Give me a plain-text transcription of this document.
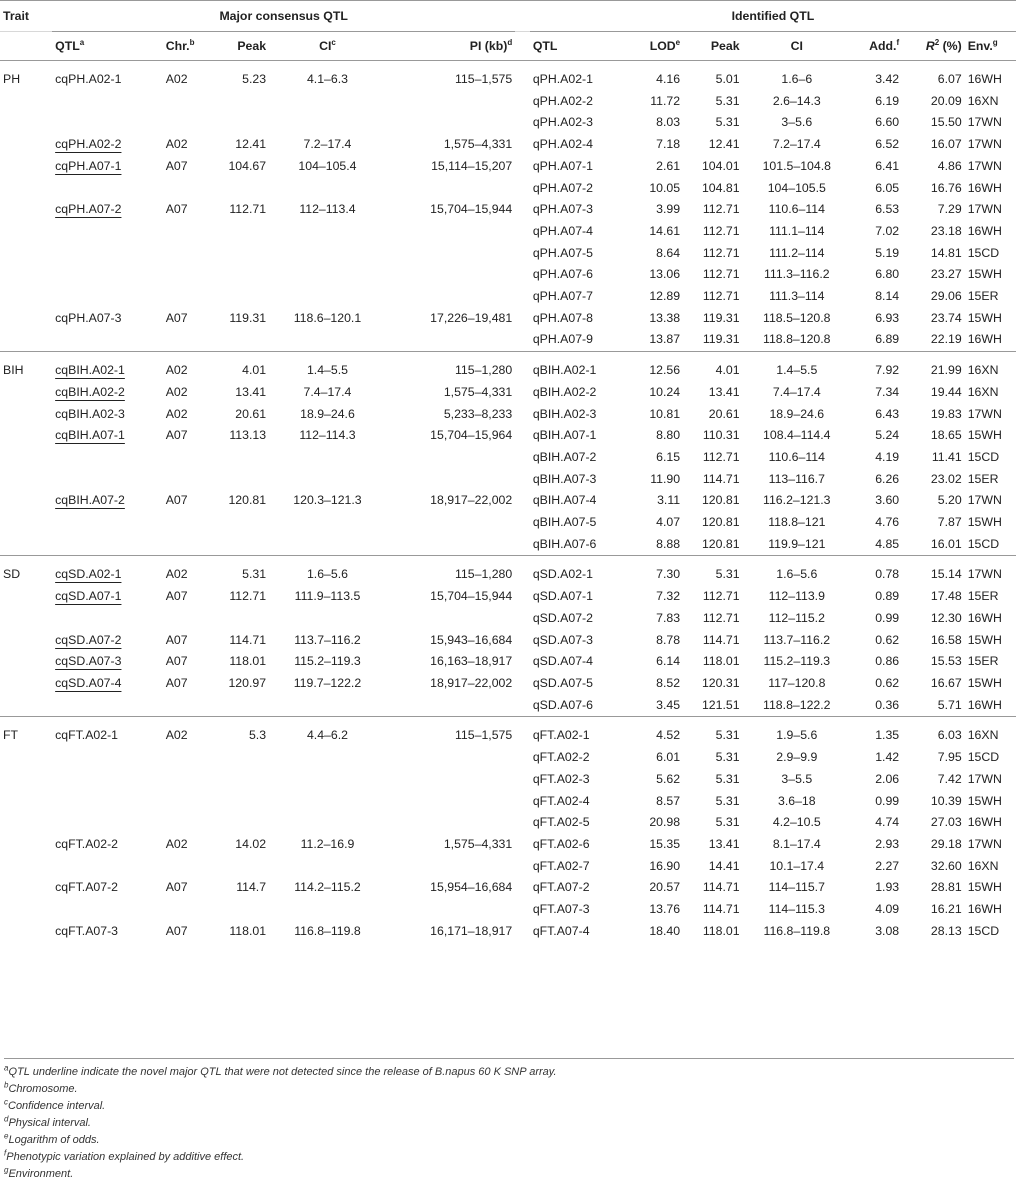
Trait	Major consensus QTL						Identified QTL						
	QTL$^a$	Chr.$^b$	Peak	$CI^c$	PI (kb)$^d$		QTL	LOD$^e$	Peak	CI	Add.$^f$	$R^2$ (%)	Env.$^g$
PH	cqPH.A02-1	A02	5.23	4.1–6.3	115–1,575		qPH.A02-1	4.16	5.01	1.6–6	3.42	6.07	16WH
							qPH.A02-2	11.72	5.31	2.6–14.3	6.19	20.09	16XN
							qPH.A02-3	8.03	5.31	3–5.6	6.60	15.50	17WN
	cqPH.A02-2	A02	12.41	7.2–17.4	1,575–4,331		qPH.A02-4	7.18	12.41	7.2–17.4	6.52	16.07	17WN
	cqPH.A07-1	A07	104.67	104–105.4	15,114–15,207		qPH.A07-1	2.61	104.01	101.5–104.8	6.41	4.86	17WN
							qPH.A07-2	10.05	104.81	104–105.5	6.05	16.76	16WH
	cqPH.A07-2	A07	112.71	112–113.4	15,704–15,944		qPH.A07-3	3.99	112.71	110.6–114	6.53	7.29	17WN
							qPH.A07-4	14.61	112.71	111.1–114	7.02	23.18	16WH
							qPH.A07-5	8.64	112.71	111.2–114	5.19	14.81	15CD
							qPH.A07-6	13.06	112.71	111.3–116.2	6.80	23.27	15WH
							qPH.A07-7	12.89	112.71	111.3–114	8.14	29.06	15ER
	cqPH.A07-3	A07	119.31	118.6–120.1	17,226–19,481		qPH.A07-8	13.38	119.31	118.5–120.8	6.93	23.74	15WH
							qPH.A07-9	13.87	119.31	118.8–120.8	6.89	22.19	16WH
BIH	cqBIH.A02-1	A02	4.01	1.4–5.5	115–1,280		qBIH.A02-1	12.56	4.01	1.4–5.5	7.92	21.99	16XN
	cqBIH.A02-2	A02	13.41	7.4–17.4	1,575–4,331		qBIH.A02-2	10.24	13.41	7.4–17.4	7.34	19.44	16XN
	cqBIH.A02-3	A02	20.61	18.9–24.6	5,233–8,233		qBIH.A02-3	10.81	20.61	18.9–24.6	6.43	19.83	17WN
	cqBIH.A07-1	A07	113.13	112–114.3	15,704–15,964		qBIH.A07-1	8.80	110.31	108.4–114.4	5.24	18.65	15WH
							qBIH.A07-2	6.15	112.71	110.6–114	4.19	11.41	15CD
							qBIH.A07-3	11.90	114.71	113–116.7	6.26	23.02	15ER
	cqBIH.A07-2	A07	120.81	120.3–121.3	18,917–22,002		qBIH.A07-4	3.11	120.81	116.2–121.3	3.60	5.20	17WN
							qBIH.A07-5	4.07	120.81	118.8–121	4.76	7.87	15WH
							qBIH.A07-6	8.88	120.81	119.9–121	4.85	16.01	15CD
SD	cqSD.A02-1	A02	5.31	1.6–5.6	115–1,280		qSD.A02-1	7.30	5.31	1.6–5.6	0.78	15.14	17WN
	cqSD.A07-1	A07	112.71	111.9–113.5	15,704–15,944		qSD.A07-1	7.32	112.71	112–113.9	0.89	17.48	15ER
							qSD.A07-2	7.83	112.71	112–115.2	0.99	12.30	16WH
	cqSD.A07-2	A07	114.71	113.7–116.2	15,943–16,684		qSD.A07-3	8.78	114.71	113.7–116.2	0.62	16.58	15WH
	cqSD.A07-3	A07	118.01	115.2–119.3	16,163–18,917		qSD.A07-4	6.14	118.01	115.2–119.3	0.86	15.53	15ER
	cqSD.A07-4	A07	120.97	119.7–122.2	18,917–22,002		qSD.A07-5	8.52	120.31	117–120.8	0.62	16.67	15WH
							qSD.A07-6	3.45	121.51	118.8–122.2	0.36	5.71	16WH
FT	cqFT.A02-1	A02	5.3	4.4–6.2	115–1,575		qFT.A02-1	4.52	5.31	1.9–5.6	1.35	6.03	16XN
							qFT.A02-2	6.01	5.31	2.9–9.9	1.42	7.95	15CD
							qFT.A02-3	5.62	5.31	3–5.5	2.06	7.42	17WN
							qFT.A02-4	8.57	5.31	3.6–18	0.99	10.39	15WH
							qFT.A02-5	20.98	5.31	4.2–10.5	4.74	27.03	16WH
	cqFT.A02-2	A02	14.02	11.2–16.9	1,575–4,331		qFT.A02-6	15.35	13.41	8.1–17.4	2.93	29.18	17WN
							qFT.A02-7	16.90	14.41	10.1–17.4	2.27	32.60	16XN
	cqFT.A07-2	A07	114.7	114.2–115.2	15,954–16,684		qFT.A07-2	20.57	114.71	114–115.7	1.93	28.81	15WH
							qFT.A07-3	13.76	114.71	114–115.3	4.09	16.21	16WH
	cqFT.A07-3	A07	118.01	116.8–119.8	16,171–18,917		qFT.A07-4	18.40	118.01	116.8–119.8	3.08	28.13	15CD
$^a$QTL underline indicate the novel major QTL that were not detected since the release of B.napus 60 K SNP array.
$^b$Chromosome.
$^c$Confidence interval.
$^d$Physical interval.
$^e$Logarithm of odds.
$^f$Phenotypic variation explained by additive effect.
$^g$Environment.
